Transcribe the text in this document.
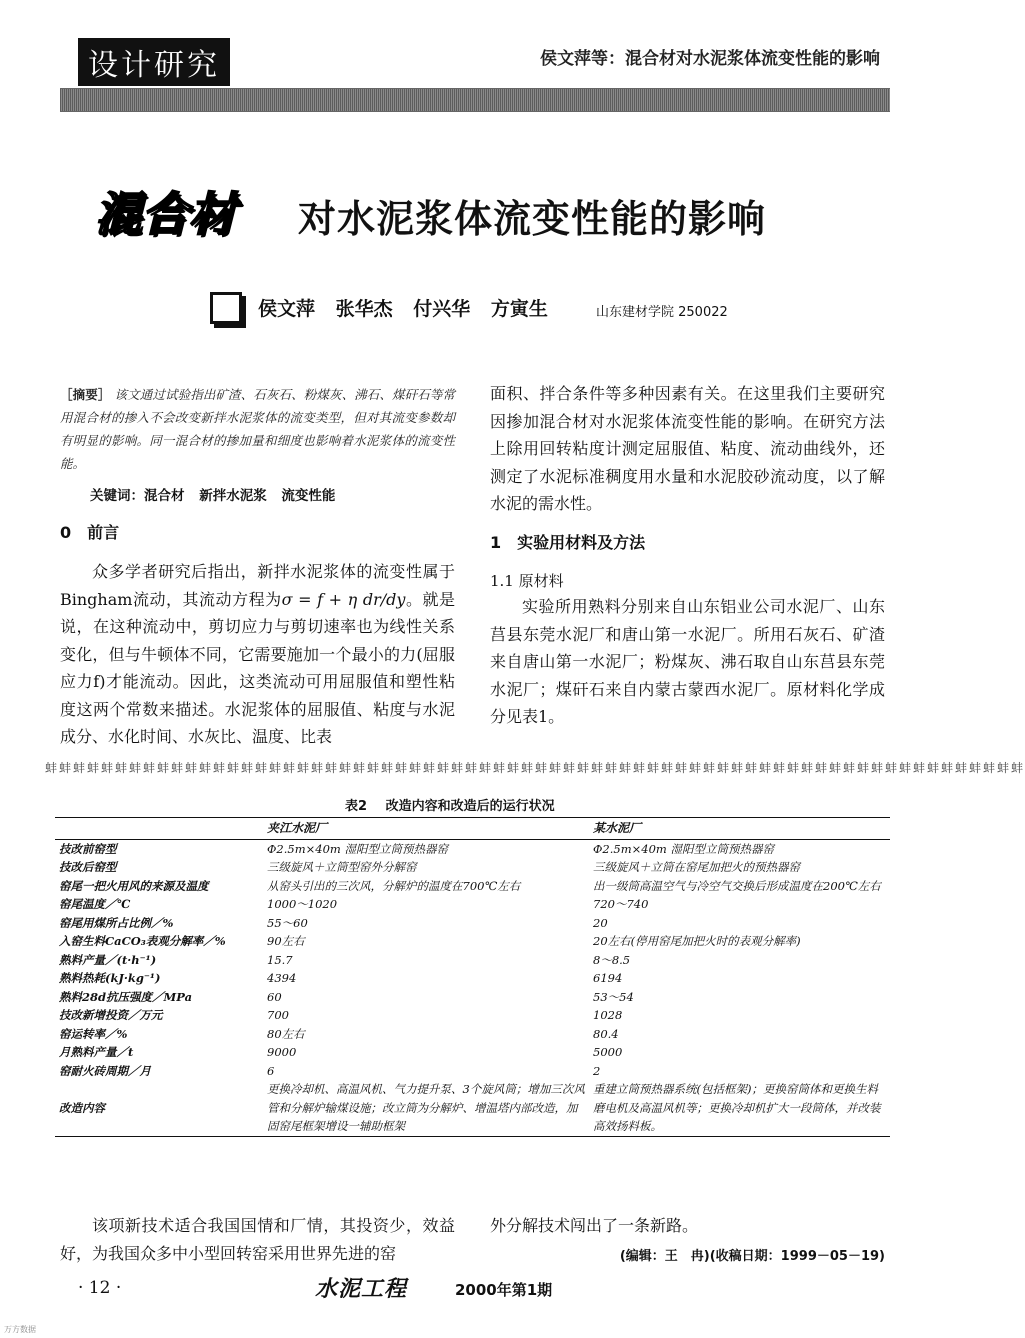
设计研究	侯文萍等：混合材对水泥浆体流变性能的影响
混合材 对水泥浆体流变性能的影响
侯文萍 张华杰 付兴华 方寅生	山东建材学院 250022
［摘要］ 该文通过试验指出矿渣、石灰石、粉煤灰、沸石、煤矸石等常用混合材的掺入不会改变新拌水泥浆体的流变类型，但对其流变参数却有明显的影响。同一混合材的掺加量和细度也影响着水泥浆体的流变性能。
关键词：混合材 新拌水泥浆 流变性能
0　前言
众多学者研究后指出，新拌水泥浆体的流变性属于Bingham流动，其流动方程为σ = f + η dr/dy。就是说，在这种流动中，剪切应力与剪切速率也为线性关系变化，但与牛顿体不同，它需要施加一个最小的力(屈服应力f)才能流动。因此，这类流动可用屈服值和塑性粘度这两个常数来描述。水泥浆体的屈服值、粘度与水泥成分、水化时间、水灰比、温度、比表
面积、拌合条件等多种因素有关。在这里我们主要研究因掺加混合材对水泥浆体流变性能的影响。在研究方法上除用回转粘度计测定屈服值、粘度、流动曲线外，还测定了水泥标准稠度用水量和水泥胶砂流动度，以了解水泥的需水性。
1　实验用材料及方法
1.1 原材料
实验所用熟料分别来自山东铝业公司水泥厂、山东莒县东莞水泥厂和唐山第一水泥厂。所用石灰石、矿渣来自唐山第一水泥厂；粉煤灰、沸石取自山东莒县东莞水泥厂；煤矸石来自内蒙古蒙西水泥厂。原材料化学成分见表1。
蚌蚌蚌蚌蚌蚌蚌蚌蚌蚌蚌蚌蚌蚌蚌蚌蚌蚌蚌蚌蚌蚌蚌蚌蚌蚌蚌蚌蚌蚌蚌蚌蚌蚌蚌蚌蚌蚌蚌蚌蚌蚌蚌蚌蚌蚌蚌蚌蚌蚌蚌蚌蚌蚌蚌蚌蚌蚌蚌蚌蚌蚌蚌蚌蚌蚌蚌蚌蚌蚌
表2 改造内容和改造后的运行状况
	夹江水泥厂	某水泥厂
技改前窑型	Φ2.5m×40m 湿阳型立筒预热器窑	Φ2.5m×40m 湿阳型立筒预热器窑
技改后窑型	三级旋风＋立筒型窑外分解窑	三级旋风＋立筒在窑尾加把火的预热器窑
窑尾一把火用风的来源及温度	从窑头引出的三次风，分解炉的温度在700℃左右	出一级筒高温空气与冷空气交换后形成温度在200℃左右
窑尾温度／℃	1000～1020	720～740
窑尾用煤所占比例／%	55～60	20
入窑生料CaCO₃表观分解率／%	90左右	20左右(停用窑尾加把火时的表观分解率)
熟料产量／(t·h⁻¹)	15.7	8～8.5
熟料热耗(kJ·kg⁻¹)	4394	6194
熟料28d抗压强度／MPa	60	53～54
技改新增投资／万元	700	1028
窑运转率／%	80左右	80.4
月熟料产量／t	9000	5000
窑耐火砖周期／月	6	2
改造内容	更换冷却机、高温风机、气力提升泵、3个旋风筒；增加三次风管和分解炉输煤设施；改立筒为分解炉、增温塔内部改造，加固窑尾框架增设一辅助框架	重建立筒预热器系统(包括框架)；更换窑筒体和更换生料磨电机及高温风机等；更换冷却机扩大一段筒体，并改装高效扬料板。
该项新技术适合我国国情和厂情，其投资少，效益好，为我国众多中小型回转窑采用世界先进的窑
外分解技术闯出了一条新路。
(编辑：王　冉)(收稿日期：1999－05－19)
· 12 ·	水泥工程	2000年第1期
万方数据
